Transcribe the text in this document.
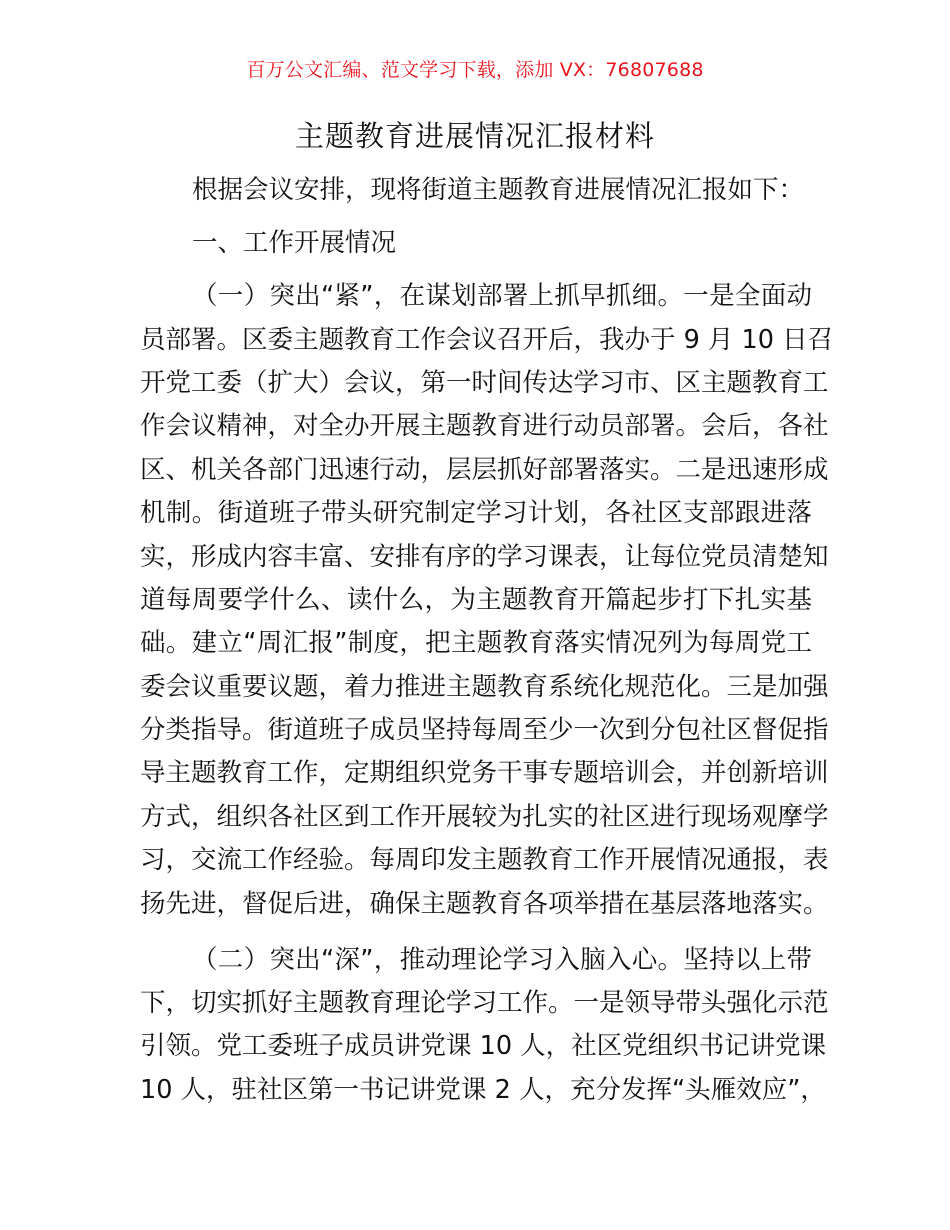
百万公文汇编、范文学习下载，添加 VX：76807688
主题教育进展情况汇报材料
根据会议安排，现将街道主题教育进展情况汇报如下：
一、工作开展情况
（一）突出“紧”，在谋划部署上抓早抓细。一是全面动
员部署。区委主题教育工作会议召开后，我办于 9 月 10 日召
开党工委（扩大）会议，第一时间传达学习市、区主题教育工
作会议精神，对全办开展主题教育进行动员部署。会后，各社
区、机关各部门迅速行动，层层抓好部署落实。二是迅速形成
机制。街道班子带头研究制定学习计划，各社区支部跟进落
实，形成内容丰富、安排有序的学习课表，让每位党员清楚知
道每周要学什么、读什么，为主题教育开篇起步打下扎实基
础。建立“周汇报”制度，把主题教育落实情况列为每周党工
委会议重要议题，着力推进主题教育系统化规范化。三是加强
分类指导。街道班子成员坚持每周至少一次到分包社区督促指
导主题教育工作，定期组织党务干事专题培训会，并创新培训
方式，组织各社区到工作开展较为扎实的社区进行现场观摩学
习，交流工作经验。每周印发主题教育工作开展情况通报，表
扬先进，督促后进，确保主题教育各项举措在基层落地落实。
（二）突出“深”，推动理论学习入脑入心。坚持以上带
下，切实抓好主题教育理论学习工作。一是领导带头强化示范
引领。党工委班子成员讲党课 10 人，社区党组织书记讲党课
10 人，驻社区第一书记讲党课 2 人，充分发挥“头雁效应”，
